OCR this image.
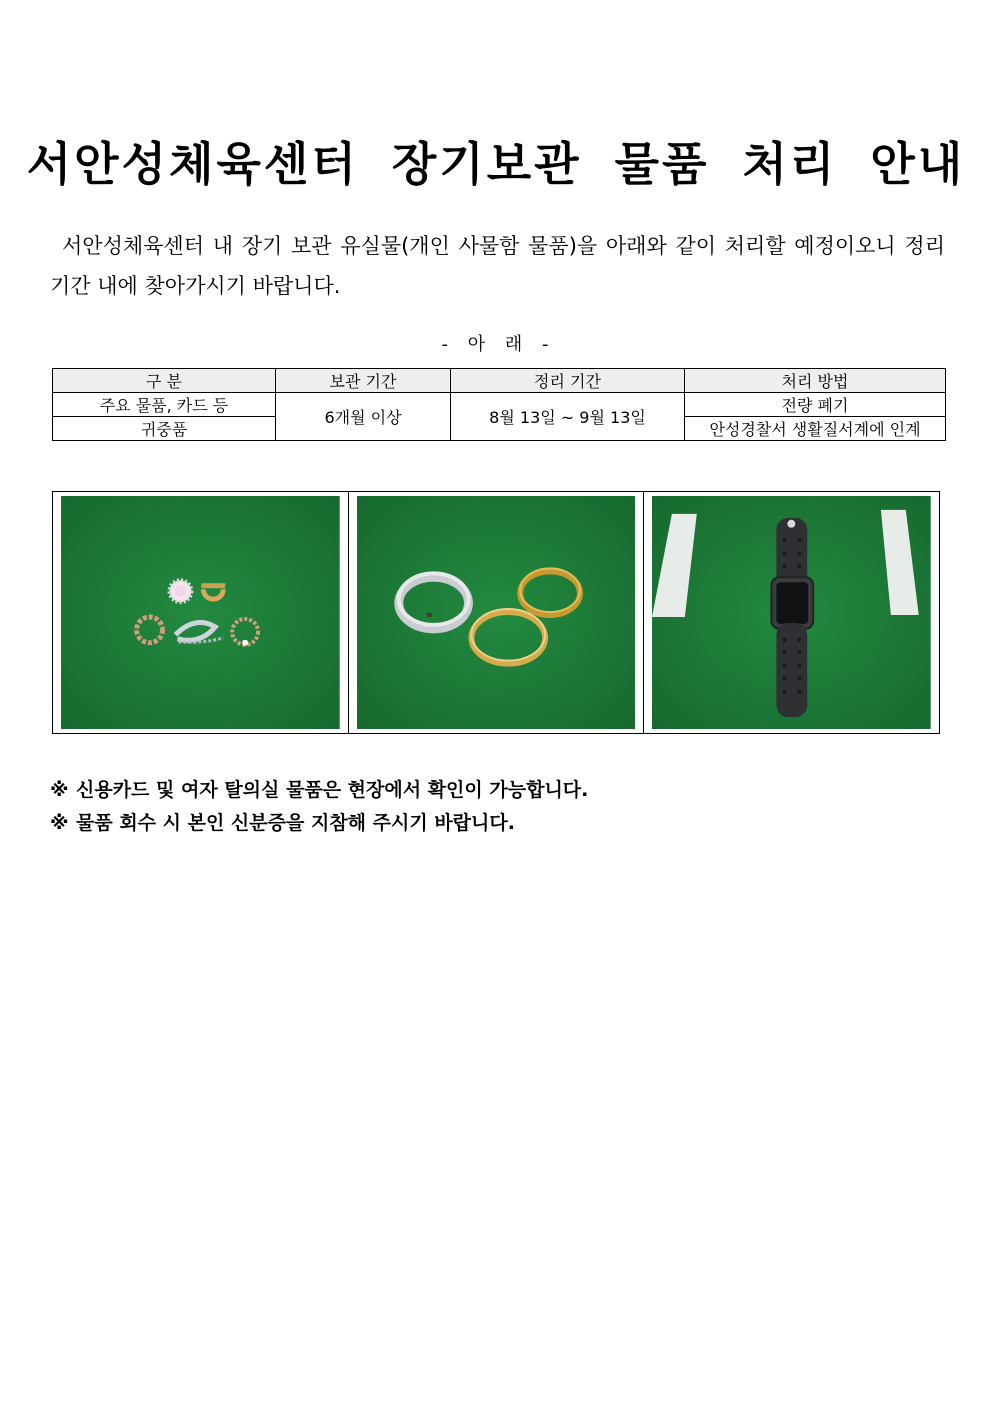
서안성체육센터 장기보관 물품 처리 안내
서안성체육센터 내 장기 보관 유실물(개인 사물함 물품)을 아래와 같이 처리할 예정이오니 정리 기간 내에 찾아가시기 바랍니다.
- 아 래 -
구 분	보관 기간	정리 기간	처리 방법
주요 물품, 카드 등	6개월 이상	8월 13일 ~ 9월 13일	전량 폐기
귀중품			안성경찰서 생활질서계에 인계
※ 신용카드 및 여자 탈의실 물품은 현장에서 확인이 가능합니다.
※ 물품 회수 시 본인 신분증을 지참해 주시기 바랍니다.
